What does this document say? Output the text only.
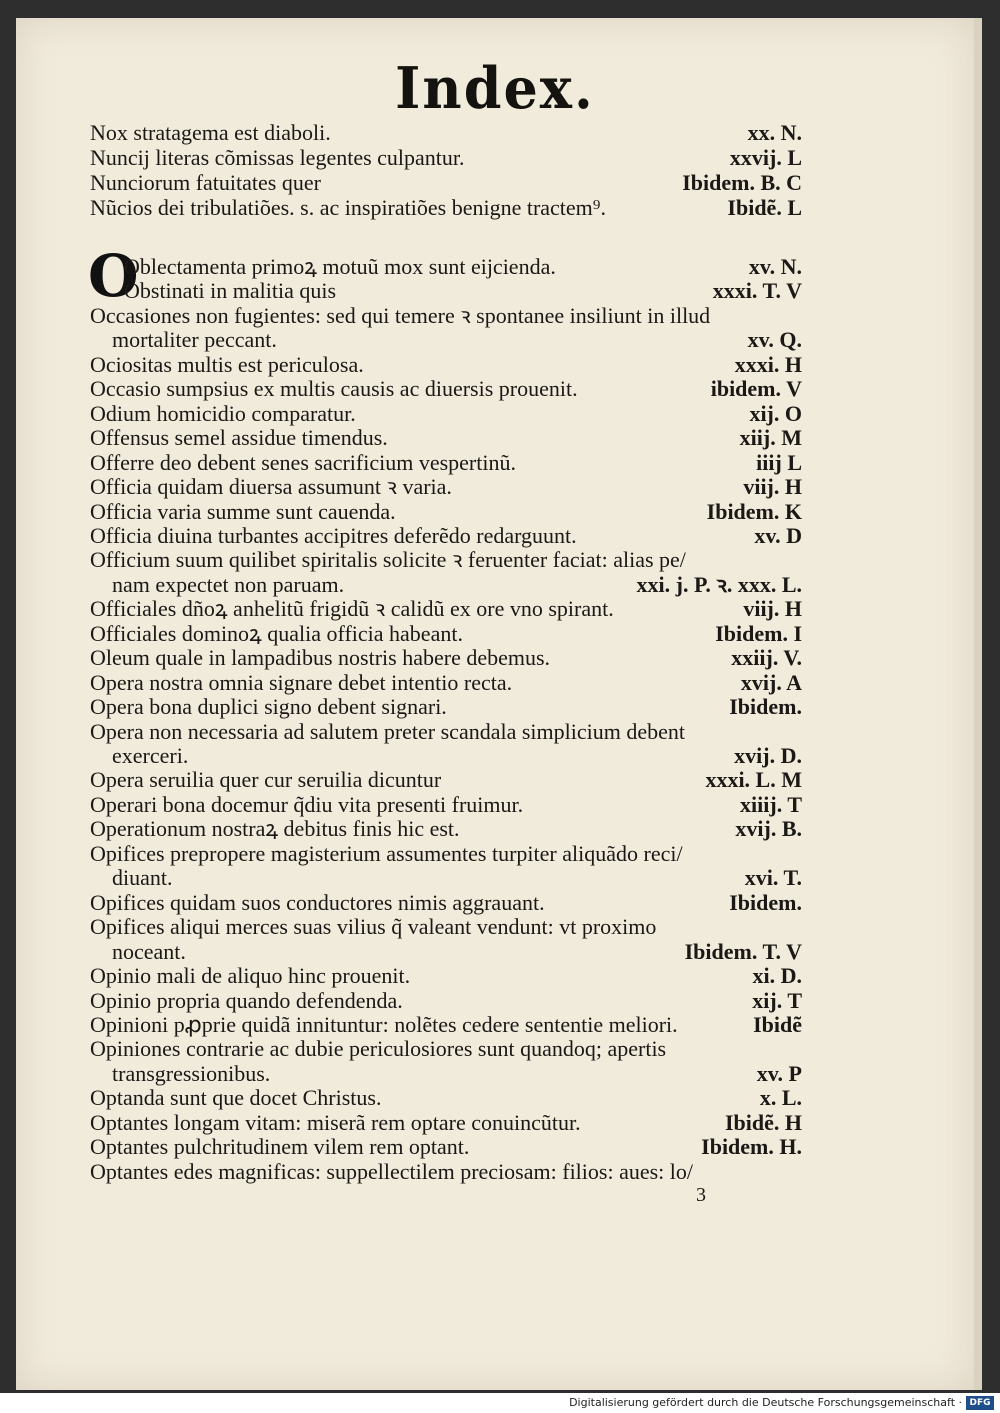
Index.
O
Nox stratagema est diaboli.	xx. N.
Nuncij literas cõmissas legentes culpantur.	xxvij. L
Nunciorum fatuitates quer	Ibidem. B. C
Nũcios dei tribulatiões. s. ac inspiratiões benigne tractem⁹.	Ibidẽ. L
Oblectamenta primoꝝ motuũ mox sunt eijcienda.	xv. N.
Obstinati in malitia quis	xxxi. T. V
Occasiones non fugientes: sed qui temere ꝛ spontanee insiliunt in illud
mortaliter peccant.	xv. Q.
Ociositas multis est periculosa.	xxxi. H
Occasio sumpsius ex multis causis ac diuersis prouenit.	ibidem. V
Odium homicidio comparatur.	xij. O
Offensus semel assidue timendus.	xiij. M
Offerre deo debent senes sacrificium vespertinũ.	iiij L
Officia quidam diuersa assumunt ꝛ varia.	viij. H
Officia varia summe sunt cauenda.	Ibidem. K
Officia diuina turbantes accipitres deferẽdo redarguunt.	xv. D
Officium suum quilibet spiritalis solicite ꝛ feruenter faciat: alias pe/
nam expectet non paruam.	xxi. j. P. ꝛ. xxx. L.
Officiales dñoꝝ anhelitũ frigidũ ꝛ calidũ ex ore vno spirant.	viij. H
Officiales dominoꝝ qualia officia habeant.	Ibidem. I
Oleum quale in lampadibus nostris habere debemus.	xxiij. V.
Opera nostra omnia signare debet intentio recta.	xvij. A
Opera bona duplici signo debent signari.	Ibidem.
Opera non necessaria ad salutem preter scandala simplicium debent
exerceri.	xvij. D.
Opera seruilia quer cur seruilia dicuntur	xxxi. L. M
Operari bona docemur q̃diu vita presenti fruimur.	xiiij. T
Operationum nostraꝝ debitus finis hic est.	xvij. B.
Opifices prepropere magisterium assumentes turpiter aliquãdo reci/
diuant.	xvi. T.
Opifices quidam suos conductores nimis aggrauant.	Ibidem.
Opifices aliqui merces suas vilius q̃ valeant vendunt: vt proximo
noceant.	Ibidem. T. V
Opinio mali de aliquo hinc prouenit.	xi. D.
Opinio propria quando defendenda.	xij. T
Opinioni pꝓprie quidã innituntur: nolẽtes cedere sententie meliori.	Ibidẽ
Opiniones contrarie ac dubie periculosiores sunt quandoq; apertis
transgressionibus.	xv. P
Optanda sunt que docet Christus.	x. L.
Optantes longam vitam: miserã rem optare conuincũtur.	Ibidẽ. H
Optantes pulchritudinem vilem rem optant.	Ibidem. H.
Optantes edes magnificas: suppellectilem preciosam: filios: aues: lo/
3
Digitalisierung gefördert durch die Deutsche Forschungsgemeinschaft · DFG
